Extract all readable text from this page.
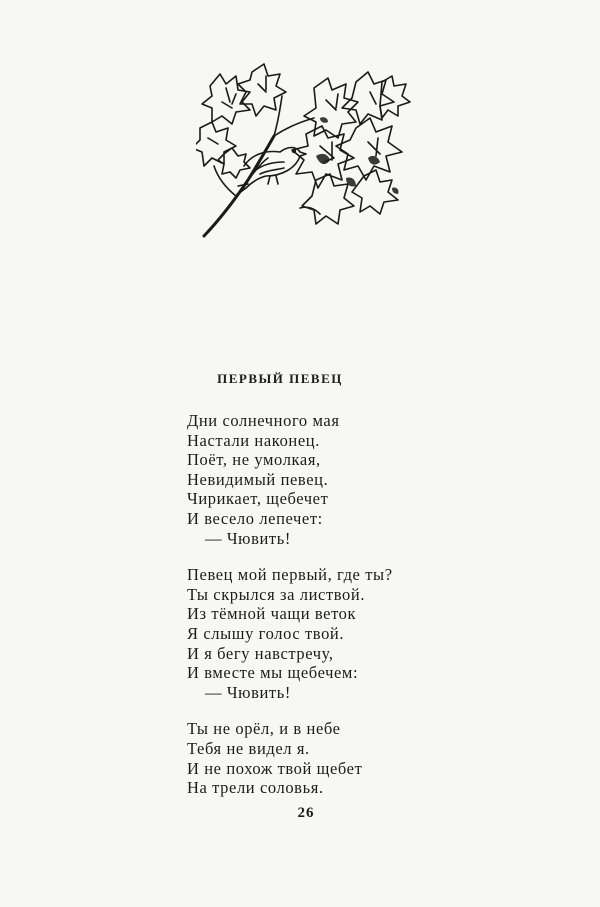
ПЕРВЫЙ ПЕВЕЦ
Дни солнечного мая
Настали наконец.
Поёт, не умолкая,
Невидимый певец.
Чирикает, щебечет
И весело лепечет:
— Чювить!
Певец мой первый, где ты?
Ты скрылся за листвой.
Из тёмной чащи веток
Я слышу голос твой.
И я бегу навстречу,
И вместе мы щебечем:
— Чювить!
Ты не орёл, и в небе
Тебя не видел я.
И не похож твой щебет
На трели соловья.
26
